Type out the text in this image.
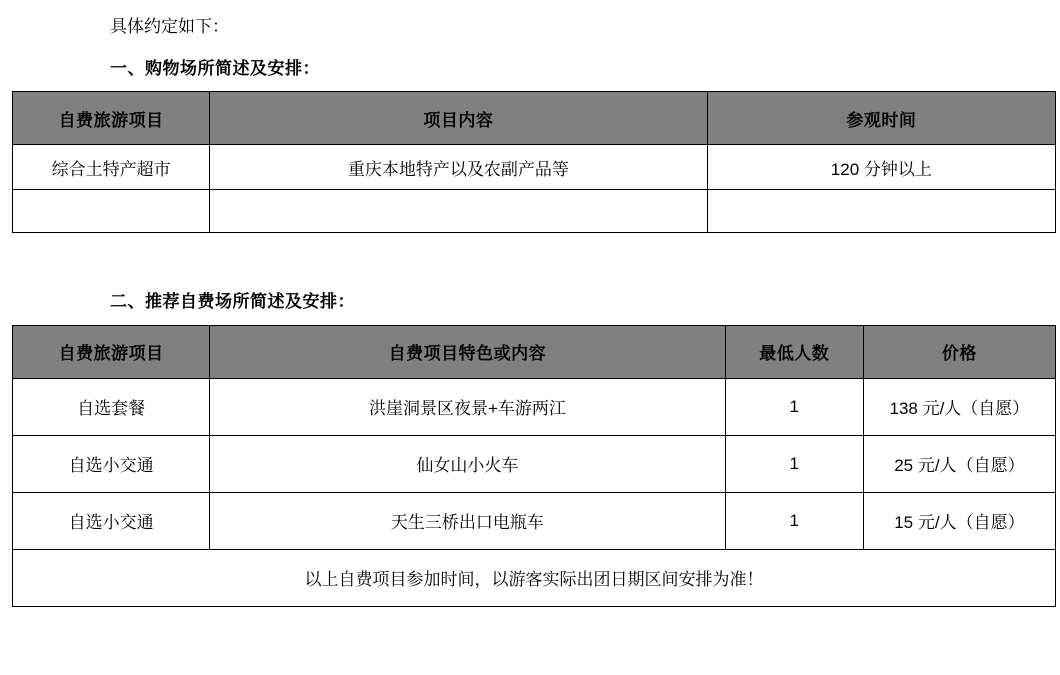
具体约定如下：
一、购物场所简述及安排：
自费旅游项目	项目内容	参观时间
综合土特产超市	重庆本地特产以及农副产品等	120 分钟以上

二、推荐自费场所简述及安排：
自费旅游项目	自费项目特色或内容	最低人数	价格
自选套餐	洪崖洞景区夜景+车游两江	1	138 元/人（自愿）
自选小交通	仙女山小火车	1	25 元/人（自愿）
自选小交通	天生三桥出口电瓶车	1	15 元/人（自愿）
以上自费项目参加时间，以游客实际出团日期区间安排为准！			
